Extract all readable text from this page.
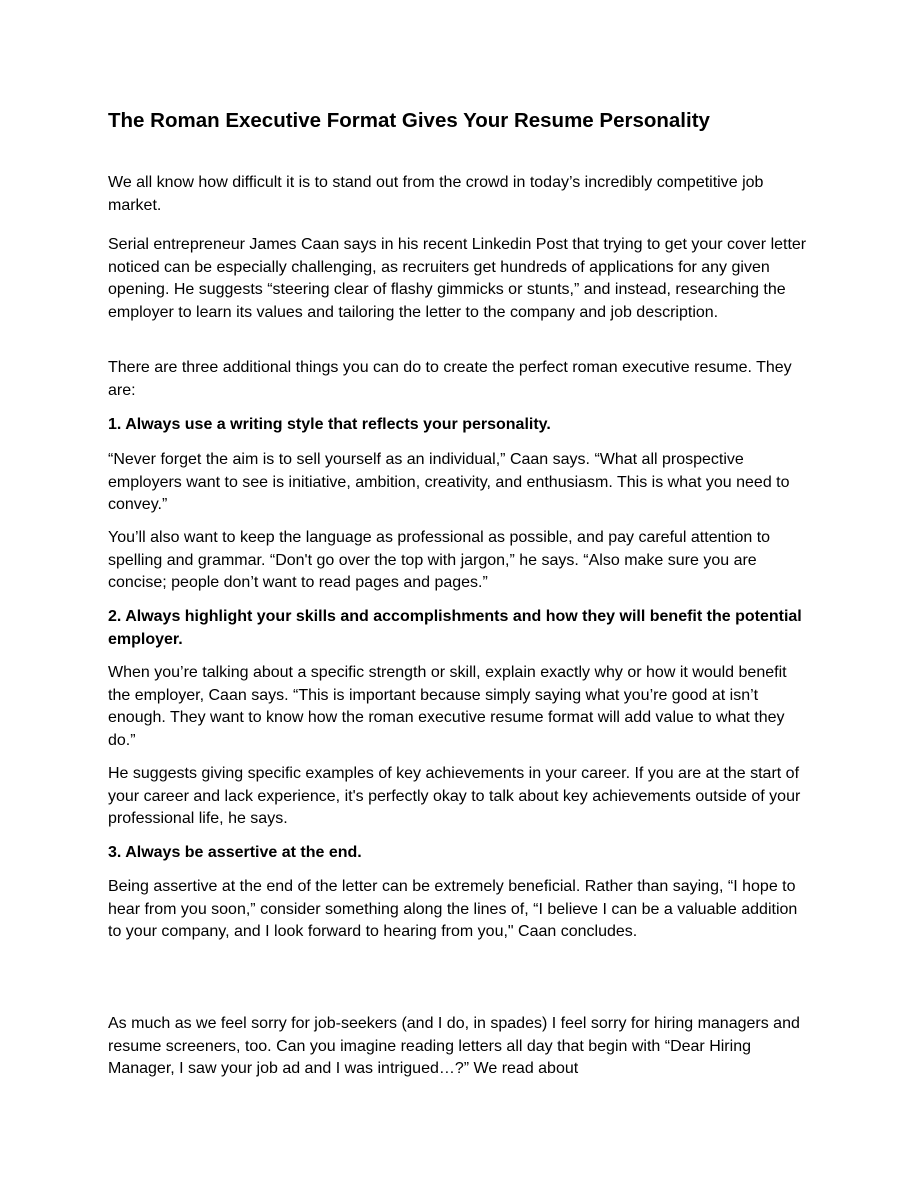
The Roman Executive Format Gives Your Resume Personality

We all know how difficult it is to stand out from the crowd in today’s incredibly competitive job market.

Serial entrepreneur James Caan says in his recent Linkedin Post that trying to get your cover letter noticed can be especially challenging, as recruiters get hundreds of applications for any given opening. He suggests “steering clear of flashy gimmicks or stunts,” and instead, researching the employer to learn its values and tailoring the letter to the company and job description.

There are three additional things you can do to create the perfect roman executive resume. They are:

1. Always use a writing style that reflects your personality.

“Never forget the aim is to sell yourself as an individual,” Caan says. “What all prospective employers want to see is initiative, ambition, creativity, and enthusiasm. This is what you need to convey.”

You’ll also want to keep the language as professional as possible, and pay careful attention to spelling and grammar. “Don't go over the top with jargon,” he says. “Also make sure you are concise; people don’t want to read pages and pages.”

2. Always highlight your skills and accomplishments and how they will benefit the potential employer.

When you’re talking about a specific strength or skill, explain exactly why or how it would benefit the employer, Caan says. “This is important because simply saying what you’re good at isn’t enough. They want to know how the roman executive resume format will add value to what they do.”

He suggests giving specific examples of key achievements in your career. If you are at the start of your career and lack experience, it's perfectly okay to talk about key achievements outside of your professional life, he says.

3. Always be assertive at the end.

Being assertive at the end of the letter can be extremely beneficial. Rather than saying, “I hope to hear from you soon,” consider something along the lines of, “I believe I can be a valuable addition to your company, and I look forward to hearing from you," Caan concludes.

As much as we feel sorry for job-seekers (and I do, in spades) I feel sorry for hiring managers and resume screeners, too. Can you imagine reading letters all day that begin with “Dear Hiring Manager, I saw your job ad and I was intrigued…?” We read about
